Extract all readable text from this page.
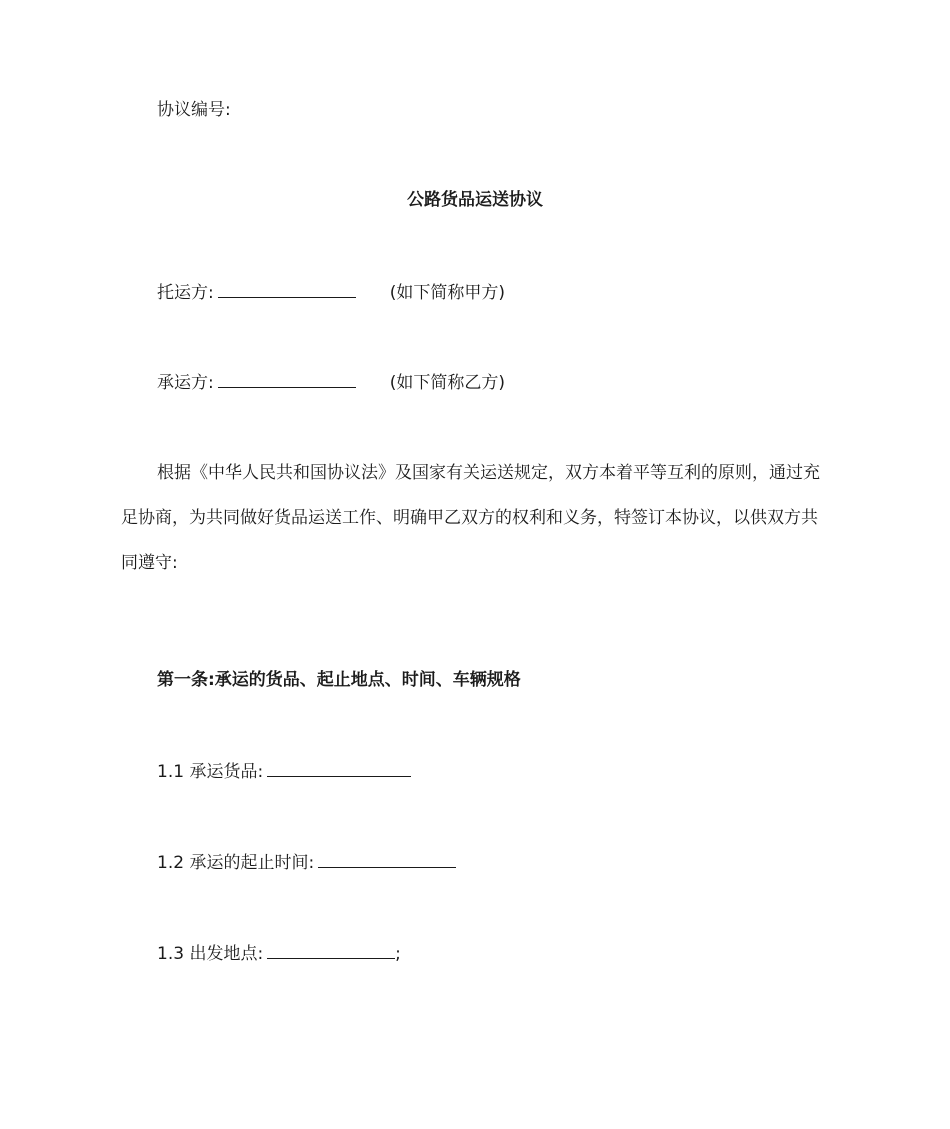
协议编号:
公路货品运送协议
托运方:	(如下简称甲方)
承运方:	(如下简称乙方)
根据《中华人民共和国协议法》及国家有关运送规定，双方本着平等互利的原则，通过充足协商，为共同做好货品运送工作、明确甲乙双方的权利和义务，特签订本协议，以供双方共同遵守:
第一条:承运的货品、起止地点、时间、车辆规格
1.1 承运货品:
1.2 承运的起止时间:
1.3 出发地点:	;
